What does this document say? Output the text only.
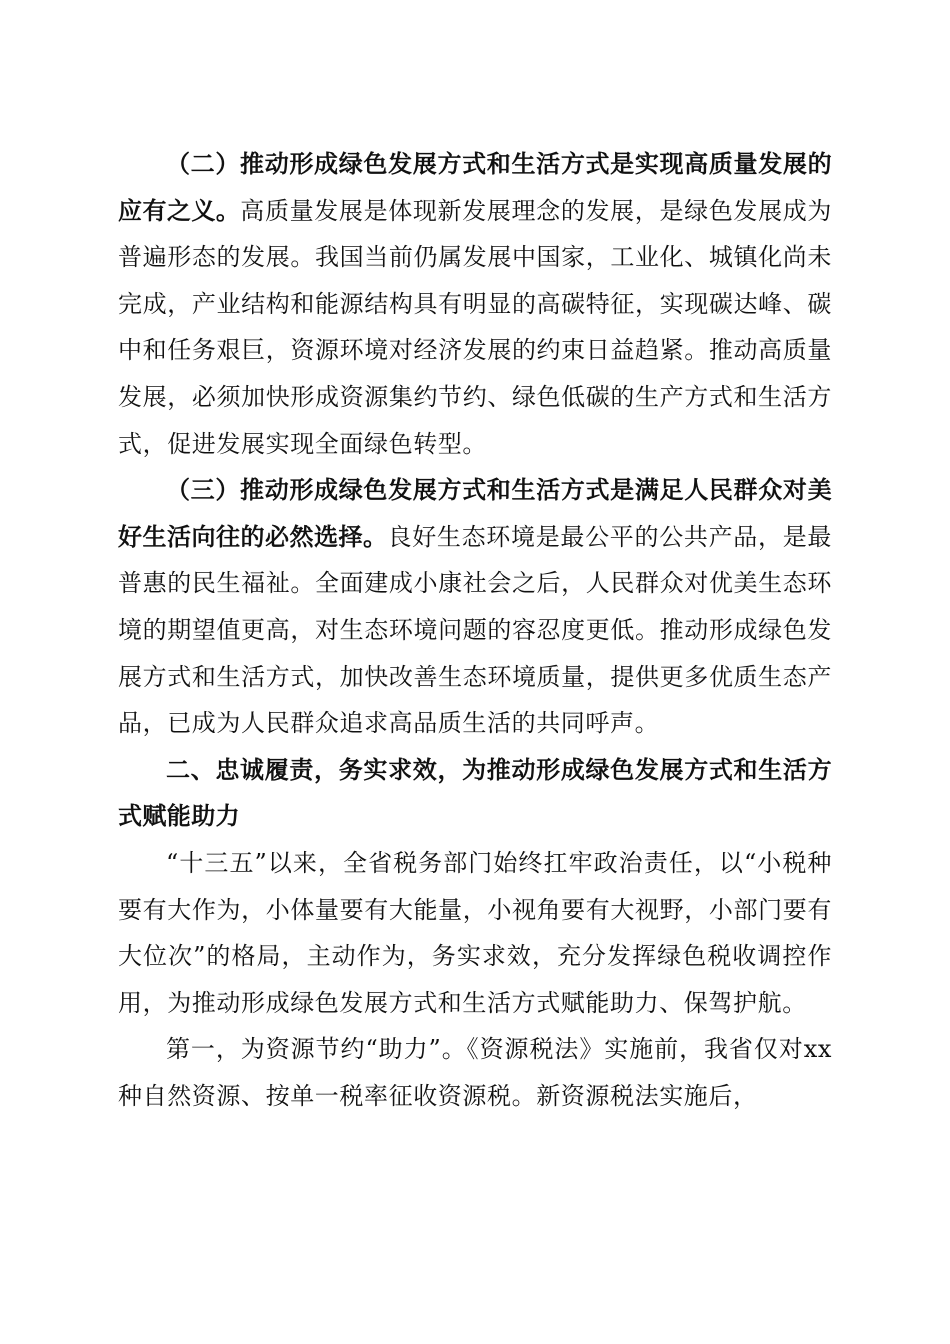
（二）推动形成绿色发展方式和生活方式是实现高质量发展的应有之义。高质量发展是体现新发展理念的发展，是绿色发展成为普遍形态的发展。我国当前仍属发展中国家，工业化、城镇化尚未完成，产业结构和能源结构具有明显的高碳特征，实现碳达峰、碳中和任务艰巨，资源环境对经济发展的约束日益趋紧。推动高质量发展，必须加快形成资源集约节约、绿色低碳的生产方式和生活方式，促进发展实现全面绿色转型。

（三）推动形成绿色发展方式和生活方式是满足人民群众对美好生活向往的必然选择。良好生态环境是最公平的公共产品，是最普惠的民生福祉。全面建成小康社会之后，人民群众对优美生态环境的期望值更高，对生态环境问题的容忍度更低。推动形成绿色发展方式和生活方式，加快改善生态环境质量，提供更多优质生态产品，已成为人民群众追求高品质生活的共同呼声。

二、忠诚履责，务实求效，为推动形成绿色发展方式和生活方式赋能助力

“十三五”以来，全省税务部门始终扛牢政治责任，以“小税种要有大作为，小体量要有大能量，小视角要有大视野，小部门要有大位次”的格局，主动作为，务实求效，充分发挥绿色税收调控作用，为推动形成绿色发展方式和生活方式赋能助力、保驾护航。

第一，为资源节约“助力”。《资源税法》实施前，我省仅对xx种自然资源、按单一税率征收资源税。新资源税法实施后，
